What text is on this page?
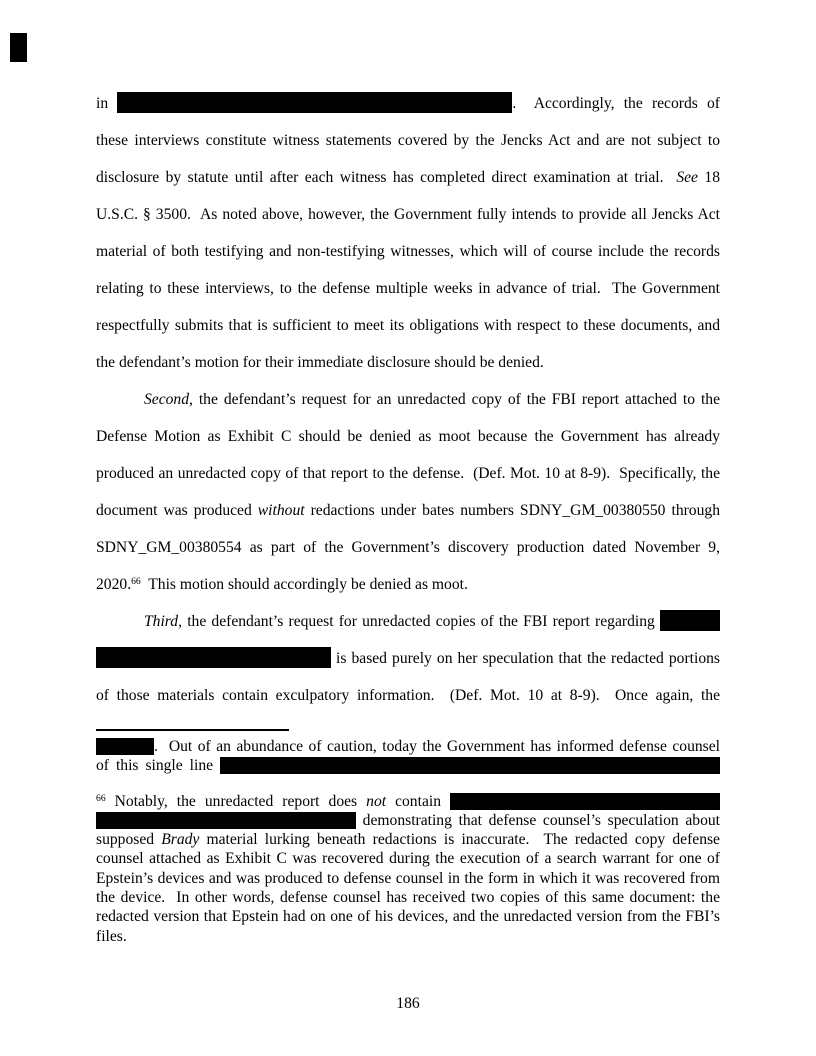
in	.  Accordingly, the records of
these interviews constitute witness statements covered by the Jencks Act and are not subject to
disclosure by statute until after each witness has completed direct examination at trial.  See 18
U.S.C. § 3500.  As noted above, however, the Government fully intends to provide all Jencks Act
material of both testifying and non-testifying witnesses, which will of course include the records
relating to these interviews, to the defense multiple weeks in advance of trial.  The Government
respectfully submits that is sufficient to meet its obligations with respect to these documents, and
the defendant’s motion for their immediate disclosure should be denied.
Second, the defendant’s request for an unredacted copy of the FBI report attached to the
Defense Motion as Exhibit C should be denied as moot because the Government has already
produced an unredacted copy of that report to the defense.  (Def. Mot. 10 at 8-9).  Specifically, the
document was produced without redactions under bates numbers SDNY_GM_00380550 through
SDNY_GM_00380554 as part of the Government’s discovery production dated November 9,
2020.66  This motion should accordingly be denied as moot.
Third, the defendant’s request for unredacted copies of the FBI report regarding
is based purely on her speculation that the redacted portions
of those materials contain exculpatory information.  (Def. Mot. 10 at 8-9).  Once again, the
.  Out of an abundance of caution, today the Government has informed defense counsel
of this single line
$^{66}$ Notably, the unredacted report does not contain
demonstrating that defense counsel’s speculation about
supposed Brady material lurking beneath redactions is inaccurate.  The redacted copy defense
counsel attached as Exhibit C was recovered during the execution of a search warrant for one of
Epstein’s devices and was produced to defense counsel in the form in which it was recovered from
the device.  In other words, defense counsel has received two copies of this same document: the
redacted version that Epstein had on one of his devices, and the unredacted version from the FBI’s
files.
186
